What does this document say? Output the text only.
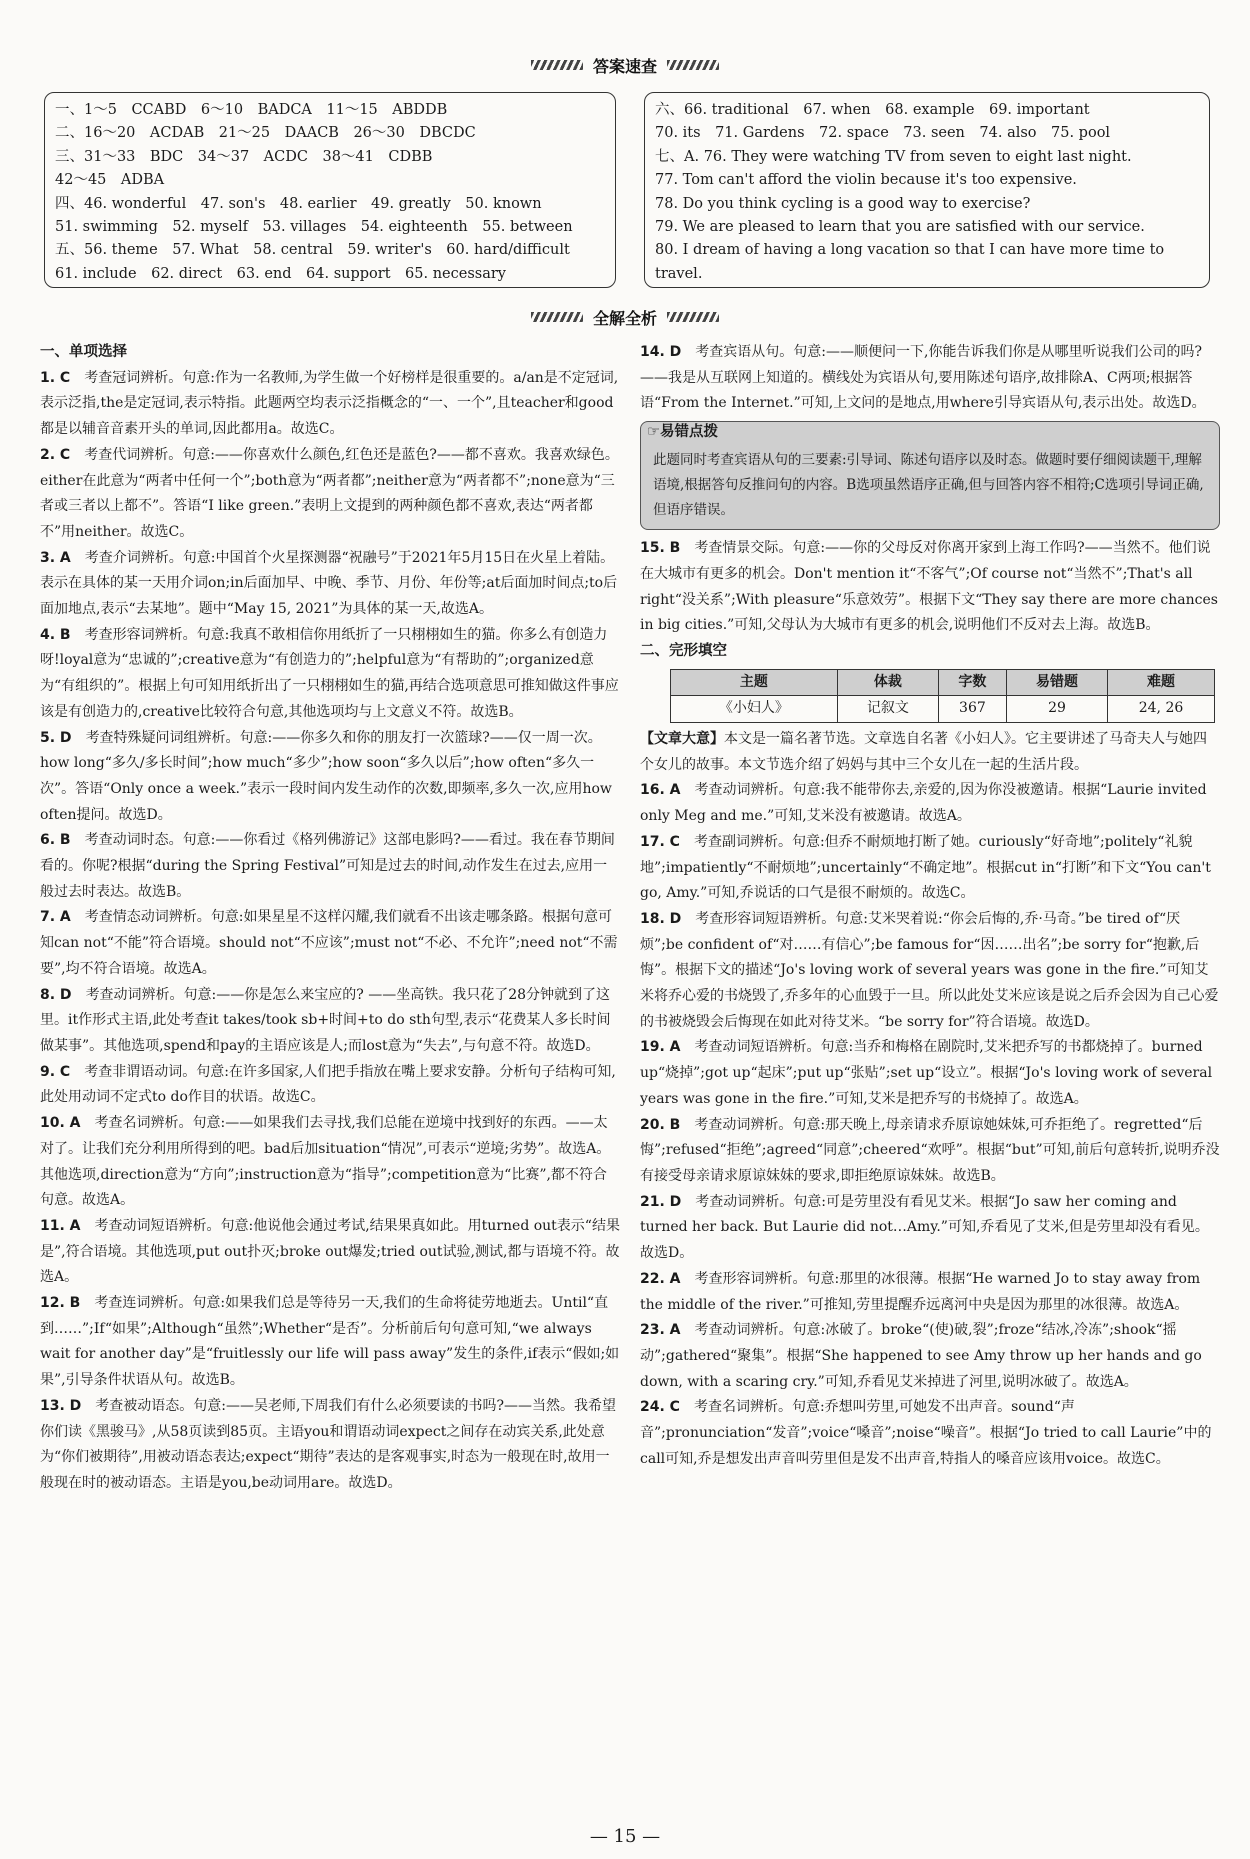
答案速查
一、1～5　CCABD　6～10　BADCA　11～15　ABDDB
二、16～20　ACDAB　21～25　DAACB　26～30　DBCDC
三、31～33　BDC　34～37　ACDC　38～41　CDBB
42～45　ADBA
四、46. wonderful　47. son's　48. earlier　49. greatly　50. known
51. swimming　52. myself　53. villages　54. eighteenth　55. between
五、56. theme　57. What　58. central　59. writer's　60. hard/difficult
61. include　62. direct　63. end　64. support　65. necessary
六、66. traditional　67. when　68. example　69. important
70. its　71. Gardens　72. space　73. seen　74. also　75. pool
七、A. 76. They were watching TV from seven to eight last night.
77. Tom can't afford the violin because it's too expensive.
78. Do you think cycling is a good way to exercise?
79. We are pleased to learn that you are satisfied with our service.
80. I dream of having a long vacation so that I can have more time to
travel.
全解全析

一、单项选择

1. C　 考查冠词辨析。句意:作为一名教师,为学生做一个好榜样是很重要的。a/an是不定冠词,表示泛指,the是定冠词,表示特指。此题两空均表示泛指概念的“一、一个”,且teacher和good都是以辅音音素开头的单词,因此都用a。故选C。

2. C　 考查代词辨析。句意:——你喜欢什么颜色,红色还是蓝色?——都不喜欢。我喜欢绿色。either在此意为“两者中任何一个”;both意为“两者都”;neither意为“两者都不”;none意为“三者或三者以上都不”。答语“I like green.”表明上文提到的两种颜色都不喜欢,表达“两者都不”用neither。故选C。

3. A　 考查介词辨析。句意:中国首个火星探测器“祝融号”于2021年5月15日在火星上着陆。表示在具体的某一天用介词on;in后面加早、中晚、季节、月份、年份等;at后面加时间点;to后面加地点,表示“去某地”。题中“May 15, 2021”为具体的某一天,故选A。

4. B　 考查形容词辨析。句意:我真不敢相信你用纸折了一只栩栩如生的猫。你多么有创造力呀!loyal意为“忠诚的”;creative意为“有创造力的”;helpful意为“有帮助的”;organized意为“有组织的”。根据上句可知用纸折出了一只栩栩如生的猫,再结合选项意思可推知做这件事应该是有创造力的,creative比较符合句意,其他选项均与上文意义不符。故选B。

5. D　 考查特殊疑问词组辨析。句意:——你多久和你的朋友打一次篮球?——仅一周一次。how long“多久/多长时间”;how much“多少”;how soon“多久以后”;how often“多久一次”。答语“Only once a week.”表示一段时间内发生动作的次数,即频率,多久一次,应用how often提问。故选D。

6. B　 考查动词时态。句意:——你看过《格列佛游记》这部电影吗?——看过。我在春节期间看的。你呢?根据“during the Spring Festival”可知是过去的时间,动作发生在过去,应用一般过去时表达。故选B。

7. A　 考查情态动词辨析。句意:如果星星不这样闪耀,我们就看不出该走哪条路。根据句意可知can not“不能”符合语境。should not“不应该”;must not“不必、不允许”;need not“不需要”,均不符合语境。故选A。

8. D　 考查动词辨析。句意:——你是怎么来宝应的? ——坐高铁。我只花了28分钟就到了这里。it作形式主语,此处考查it takes/took sb+时间+to do sth句型,表示“花费某人多长时间做某事”。其他选项,spend和pay的主语应该是人;而lost意为“失去”,与句意不符。故选D。

9. C　 考查非谓语动词。句意:在许多国家,人们把手指放在嘴上要求安静。分析句子结构可知,此处用动词不定式to do作目的状语。故选C。

10. A　 考查名词辨析。句意:——如果我们去寻找,我们总能在逆境中找到好的东西。——太对了。让我们充分利用所得到的吧。bad后加situation“情况”,可表示“逆境;劣势”。故选A。其他选项,direction意为“方向”;instruction意为“指导”;competition意为“比赛”,都不符合句意。故选A。

11. A　 考查动词短语辨析。句意:他说他会通过考试,结果果真如此。用turned out表示“结果是”,符合语境。其他选项,put out扑灭;broke out爆发;tried out试验,测试,都与语境不符。故选A。

12. B　 考查连词辨析。句意:如果我们总是等待另一天,我们的生命将徒劳地逝去。Until“直到……”;If“如果”;Although“虽然”;Whether“是否”。分析前后句句意可知,“we always wait for another day”是“fruitlessly our life will pass away”发生的条件,if表示“假如;如果”,引导条件状语从句。故选B。

13. D　 考查被动语态。句意:——吴老师,下周我们有什么必须要读的书吗?——当然。我希望你们读《黑骏马》,从58页读到85页。主语you和谓语动词expect之间存在动宾关系,此处意为“你们被期待”,用被动语态表达;expect“期待”表达的是客观事实,时态为一般现在时,故用一般现在时的被动语态。主语是you,be动词用are。故选D。

14. D　 考查宾语从句。句意:——顺便问一下,你能告诉我们你是从哪里听说我们公司的吗?——我是从互联网上知道的。横线处为宾语从句,要用陈述句语序,故排除A、C两项;根据答语“From the Internet.”可知,上文问的是地点,用where引导宾语从句,表示出处。故选D。

☞易错点拨
此题同时考查宾语从句的三要素:引导词、陈述句语序以及时态。做题时要仔细阅读题干,理解语境,根据答句反推问句的内容。B选项虽然语序正确,但与回答内容不相符;C选项引导词正确,但语序错误。

15. B　 考查情景交际。句意:——你的父母反对你离开家到上海工作吗?——当然不。他们说在大城市有更多的机会。Don't mention it“不客气”;Of course not“当然不”;That's all right“没关系”;With pleasure“乐意效劳”。根据下文“They say there are more chances in big cities.”可知,父母认为大城市有更多的机会,说明他们不反对去上海。故选B。

二、完形填空

主题	体裁	字数	易错题	难题
《小妇人》	记叙文	367	29	24, 26

【文章大意】本文是一篇名著节选。文章选自名著《小妇人》。它主要讲述了马奇夫人与她四个女儿的故事。本文节选介绍了妈妈与其中三个女儿在一起的生活片段。

16. A　 考查动词辨析。句意:我不能带你去,亲爱的,因为你没被邀请。根据“Laurie invited only Meg and me.”可知,艾米没有被邀请。故选A。

17. C　 考查副词辨析。句意:但乔不耐烦地打断了她。curiously“好奇地”;politely“礼貌地”;impatiently“不耐烦地”;uncertainly“不确定地”。根据cut in“打断”和下文“You can't go, Amy.”可知,乔说话的口气是很不耐烦的。故选C。

18. D　 考查形容词短语辨析。句意:艾米哭着说:“你会后悔的,乔·马奇。”be tired of“厌烦”;be confident of“对……有信心”;be famous for“因……出名”;be sorry for“抱歉,后悔”。根据下文的描述“Jo's loving work of several years was gone in the fire.”可知艾米将乔心爱的书烧毁了,乔多年的心血毁于一旦。所以此处艾米应该是说之后乔会因为自己心爱的书被烧毁会后悔现在如此对待艾米。“be sorry for”符合语境。故选D。

19. A　 考查动词短语辨析。句意:当乔和梅格在剧院时,艾米把乔写的书都烧掉了。burned up“烧掉”;got up“起床”;put up“张贴”;set up“设立”。根据“Jo's loving work of several years was gone in the fire.”可知,艾米是把乔写的书烧掉了。故选A。

20. B　 考查动词辨析。句意:那天晚上,母亲请求乔原谅她妹妹,可乔拒绝了。regretted“后悔”;refused“拒绝”;agreed“同意”;cheered“欢呼”。根据“but”可知,前后句意转折,说明乔没有接受母亲请求原谅妹妹的要求,即拒绝原谅妹妹。故选B。

21. D　 考查动词辨析。句意:可是劳里没有看见艾米。根据“Jo saw her coming and turned her back. But Laurie did not…Amy.”可知,乔看见了艾米,但是劳里却没有看见。故选D。

22. A　 考查形容词辨析。句意:那里的冰很薄。根据“He warned Jo to stay away from the middle of the river.”可推知,劳里提醒乔远离河中央是因为那里的冰很薄。故选A。

23. A　 考查动词辨析。句意:冰破了。broke“(使)破,裂”;froze“结冰,冷冻”;shook“摇动”;gathered“聚集”。根据“She happened to see Amy throw up her hands and go down, with a scaring cry.”可知,乔看见艾米掉进了河里,说明冰破了。故选A。

24. C　 考查名词辨析。句意:乔想叫劳里,可她发不出声音。sound“声音”;pronunciation“发音”;voice“嗓音”;noise“噪音”。根据“Jo tried to call Laurie”中的call可知,乔是想发出声音叫劳里但是发不出声音,特指人的嗓音应该用voice。故选C。

— 15 —
